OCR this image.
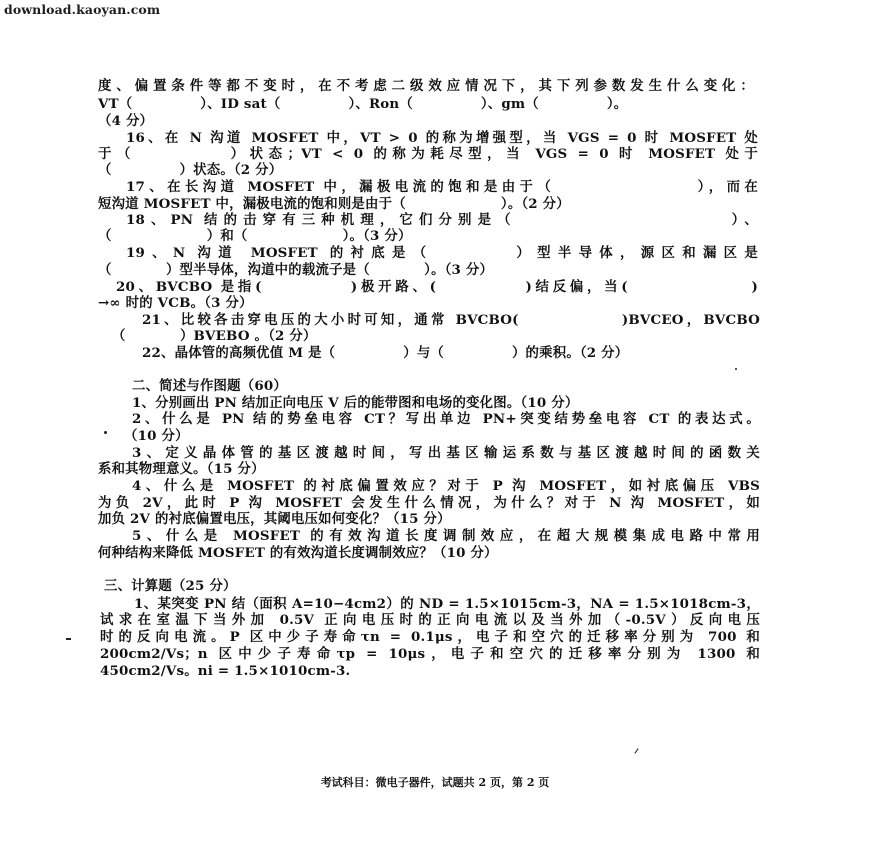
download.kaoyan.com
度、偏置条件等都不变时，在不考虑二级效应情况下，其下列参数发生什么变化：
VT（　　　　　）、ID sat（　　　　　）、Ron（　　　　　）、gm（　　　　　）。
（4 分）
16、在 N 沟道 MOSFET 中，VT > 0 的称为增强型，当 VGS = 0 时 MOSFET 处
于（　　　　　）状态；VT < 0 的称为耗尽型，当 VGS = 0 时 MOSFET 处于
（　　　　　）状态。（2 分）
17、在长沟道 MOSFET 中，漏极电流的饱和是由于（　　　　　　　　），而在
短沟道 MOSFET 中，漏极电流的饱和则是由于（　　　　　　　）。（2 分）
18、PN 结的击穿有三种机理，它们分别是（　　　　　　　　　　　）、
（　　　　　　　）和（　　　　　　　）。（3 分）
19、N 沟道 MOSFET 的衬底是（　　　　）型半导体，源区和漏区是
（　　　　）型半导体，沟道中的载流子是（　　　　）。（3 分）
20、BVCBO 是指(　　　　　)极开路、(　　　　　)结反偏，当(　　　　　　　)
→∞ 时的 VCB。（3 分）
21、比较各击穿电压的大小时可知，通常 BVCBO(　　　　　　)BVCEO，BVCBO
（　　　　）BVEBO 。（2 分）
22、晶体管的高频优值 M 是（　　　　　）与（　　　　　）的乘积。（2 分）
二、简述与作图题（60）
1、分别画出 PN 结加正向电压 V 后的能带图和电场的变化图。（10 分）
2、什么是 PN 结的势垒电容 CT？写出单边 PN+突变结势垒电容 CT 的表达式。
（10 分）
3、定义晶体管的基区渡越时间，写出基区输运系数与基区渡越时间的函数关
系和其物理意义。（15 分）
4、什么是 MOSFET 的衬底偏置效应？对于 P 沟 MOSFET，如衬底偏压 VBS
为负 2V，此时 P 沟 MOSFET 会发生什么情况，为什么？对于 N 沟 MOSFET，如
加负 2V 的衬底偏置电压，其阈电压如何变化？（15 分）
5、什么是 MOSFET 的有效沟道长度调制效应，在超大规模集成电路中常用
何种结构来降低 MOSFET 的有效沟道长度调制效应？（10 分）
三、计算题（25 分）
1、某突变 PN 结（面积 A=10−4cm2）的 ND = 1.5×1015cm-3，NA = 1.5×1018cm-3，
试求在室温下当外加 0.5V 正向电压时的正向电流以及当外加（-0.5V）反向电压
时的反向电流。P 区中少子寿命τn = 0.1μs，电子和空穴的迁移率分别为 700 和
200cm2/Vs；n 区中少子寿命τp = 10μs，电子和空穴的迁移率分别为 1300 和
450cm2/Vs。ni = 1.5×1010cm-3.
考试科目：微电子器件，试题共 2 页，第 2 页
